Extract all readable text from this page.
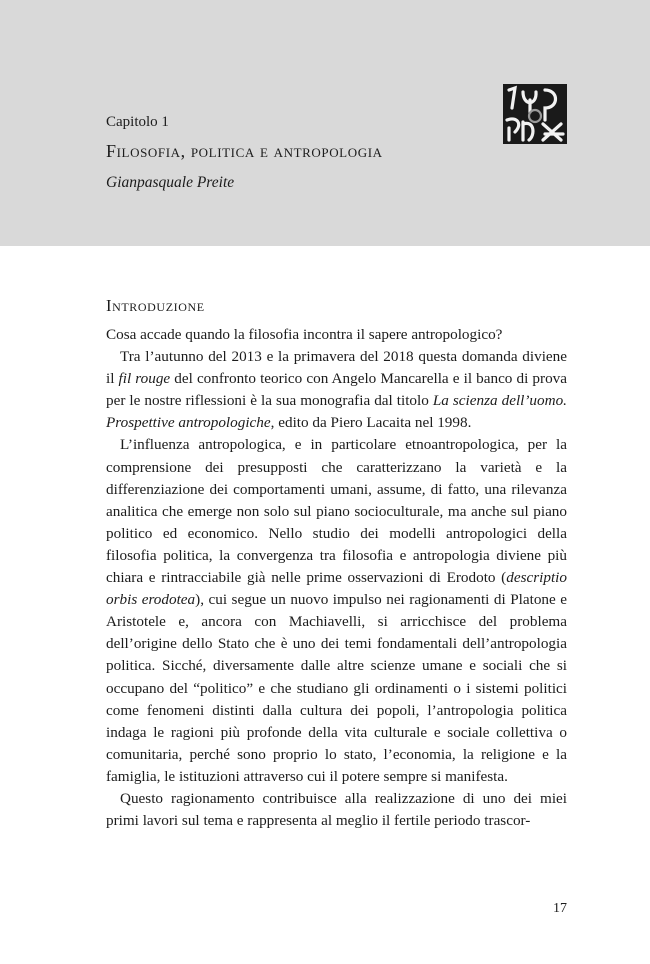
Capitolo 1
Filosofia, politica e antropologia
Gianpasquale Preite
Introduzione

Cosa accade quando la filosofia incontra il sapere antropologico?

Tra l’autunno del 2013 e la primavera del 2018 questa domanda diviene il fil rouge del confronto teorico con Angelo Mancarella e il banco di prova per le nostre riflessioni è la sua monografia dal titolo La scienza dell’uomo. Prospettive antropologiche, edito da Piero Lacaita nel 1998.

L’influenza antropologica, e in particolare etnoantropologica, per la comprensione dei presupposti che caratterizzano la varietà e la differenziazione dei comportamenti umani, assume, di fatto, una rilevanza analitica che emerge non solo sul piano socioculturale, ma anche sul piano politico ed economico. Nello studio dei modelli antropologici della filosofia politica, la convergenza tra filosofia e antropologia diviene più chiara e rintracciabile già nelle prime osservazioni di Erodoto (descriptio orbis erodotea), cui segue un nuovo impulso nei ragionamenti di Platone e Aristotele e, ancora con Machiavelli, si arricchisce del problema dell’origine dello Stato che è uno dei temi fondamentali dell’antropologia politica. Sicché, diversamente dalle altre scienze umane e sociali che si occupano del “politico” e che studiano gli ordinamenti o i sistemi politici come fenomeni distinti dalla cultura dei popoli, l’antropologia politica indaga le ragioni più profonde della vita culturale e sociale collettiva o comunitaria, perché sono proprio lo stato, l’economia, la religione e la famiglia, le istituzioni attraverso cui il potere sempre si manifesta.

Questo ragionamento contribuisce alla realizzazione di uno dei miei primi lavori sul tema e rappresenta al meglio il fertile periodo trascor-

17
